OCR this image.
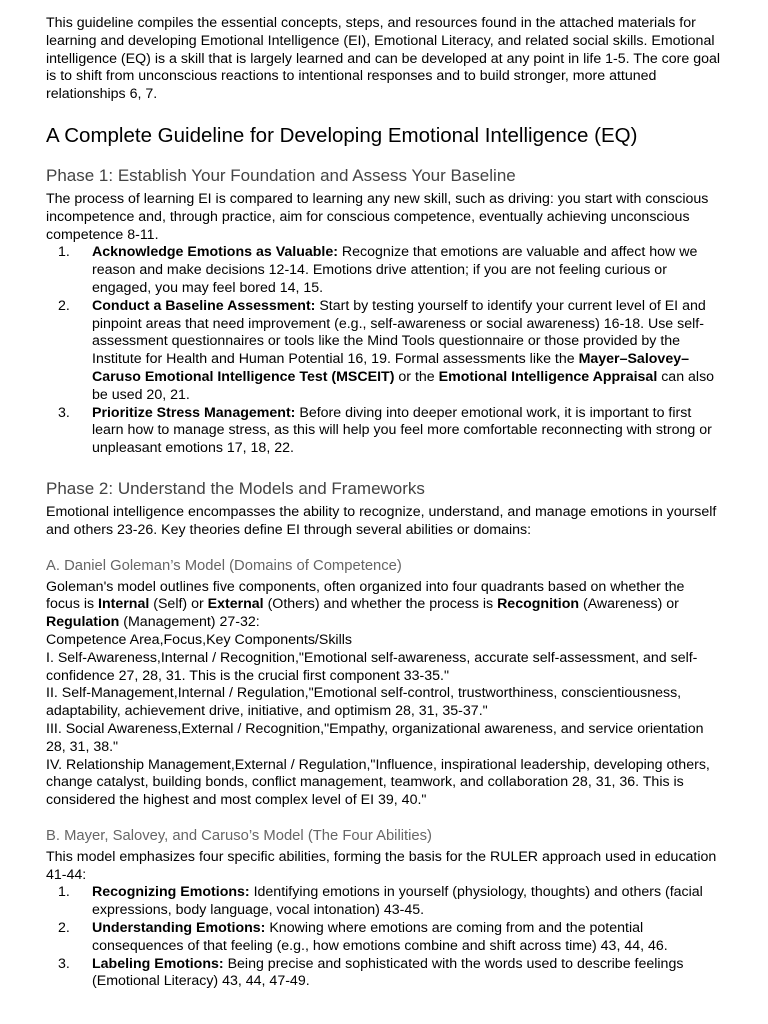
This guideline compiles the essential concepts, steps, and resources found in the attached materials for learning and developing Emotional Intelligence (EI), Emotional Literacy, and related social skills. Emotional intelligence (EQ) is a skill that is largely learned and can be developed at any point in life 1-5. The core goal is to shift from unconscious reactions to intentional responses and to build stronger, more attuned relationships 6, 7.

A Complete Guideline for Developing Emotional Intelligence (EQ)
Phase 1: Establish Your Foundation and Assess Your Baseline

The process of learning EI is compared to learning any new skill, such as driving: you start with conscious incompetence and, through practice, aim for conscious competence, eventually achieving unconscious competence 8-11.

1. Acknowledge Emotions as Valuable: Recognize that emotions are valuable and affect how we reason and make decisions 12-14. Emotions drive attention; if you are not feeling curious or engaged, you may feel bored 14, 15.
2. Conduct a Baseline Assessment: Start by testing yourself to identify your current level of EI and pinpoint areas that need improvement (e.g., self-awareness or social awareness) 16-18. Use self-assessment questionnaires or tools like the Mind Tools questionnaire or those provided by the Institute for Health and Human Potential 16, 19. Formal assessments like the Mayer–Salovey–Caruso Emotional Intelligence Test (MSCEIT) or the Emotional Intelligence Appraisal can also be used 20, 21.
3. Prioritize Stress Management: Before diving into deeper emotional work, it is important to first learn how to manage stress, as this will help you feel more comfortable reconnecting with strong or unpleasant emotions 17, 18, 22.
Phase 2: Understand the Models and Frameworks

Emotional intelligence encompasses the ability to recognize, understand, and manage emotions in yourself and others 23-26. Key theories define EI through several abilities or domains:

A. Daniel Goleman’s Model (Domains of Competence)

Goleman's model outlines five components, often organized into four quadrants based on whether the focus is Internal (Self) or External (Others) and whether the process is Recognition (Awareness) or Regulation (Management) 27-32:

Competence Area,Focus,Key Components/Skills

I. Self-Awareness,Internal / Recognition,"Emotional self-awareness, accurate self-assessment, and self-confidence 27, 28, 31. This is the crucial first component 33-35."

II. Self-Management,Internal / Regulation,"Emotional self-control, trustworthiness, conscientiousness, adaptability, achievement drive, initiative, and optimism 28, 31, 35-37."

III. Social Awareness,External / Recognition,"Empathy, organizational awareness, and service orientation 28, 31, 38."

IV. Relationship Management,External / Regulation,"Influence, inspirational leadership, developing others, change catalyst, building bonds, conflict management, teamwork, and collaboration 28, 31, 36. This is considered the highest and most complex level of EI 39, 40."

B. Mayer, Salovey, and Caruso’s Model (The Four Abilities)

This model emphasizes four specific abilities, forming the basis for the RULER approach used in education 41-44:

1. Recognizing Emotions: Identifying emotions in yourself (physiology, thoughts) and others (facial expressions, body language, vocal intonation) 43-45.
2. Understanding Emotions: Knowing where emotions are coming from and the potential consequences of that feeling (e.g., how emotions combine and shift across time) 43, 44, 46.
3. Labeling Emotions: Being precise and sophisticated with the words used to describe feelings (Emotional Literacy) 43, 44, 47-49.
